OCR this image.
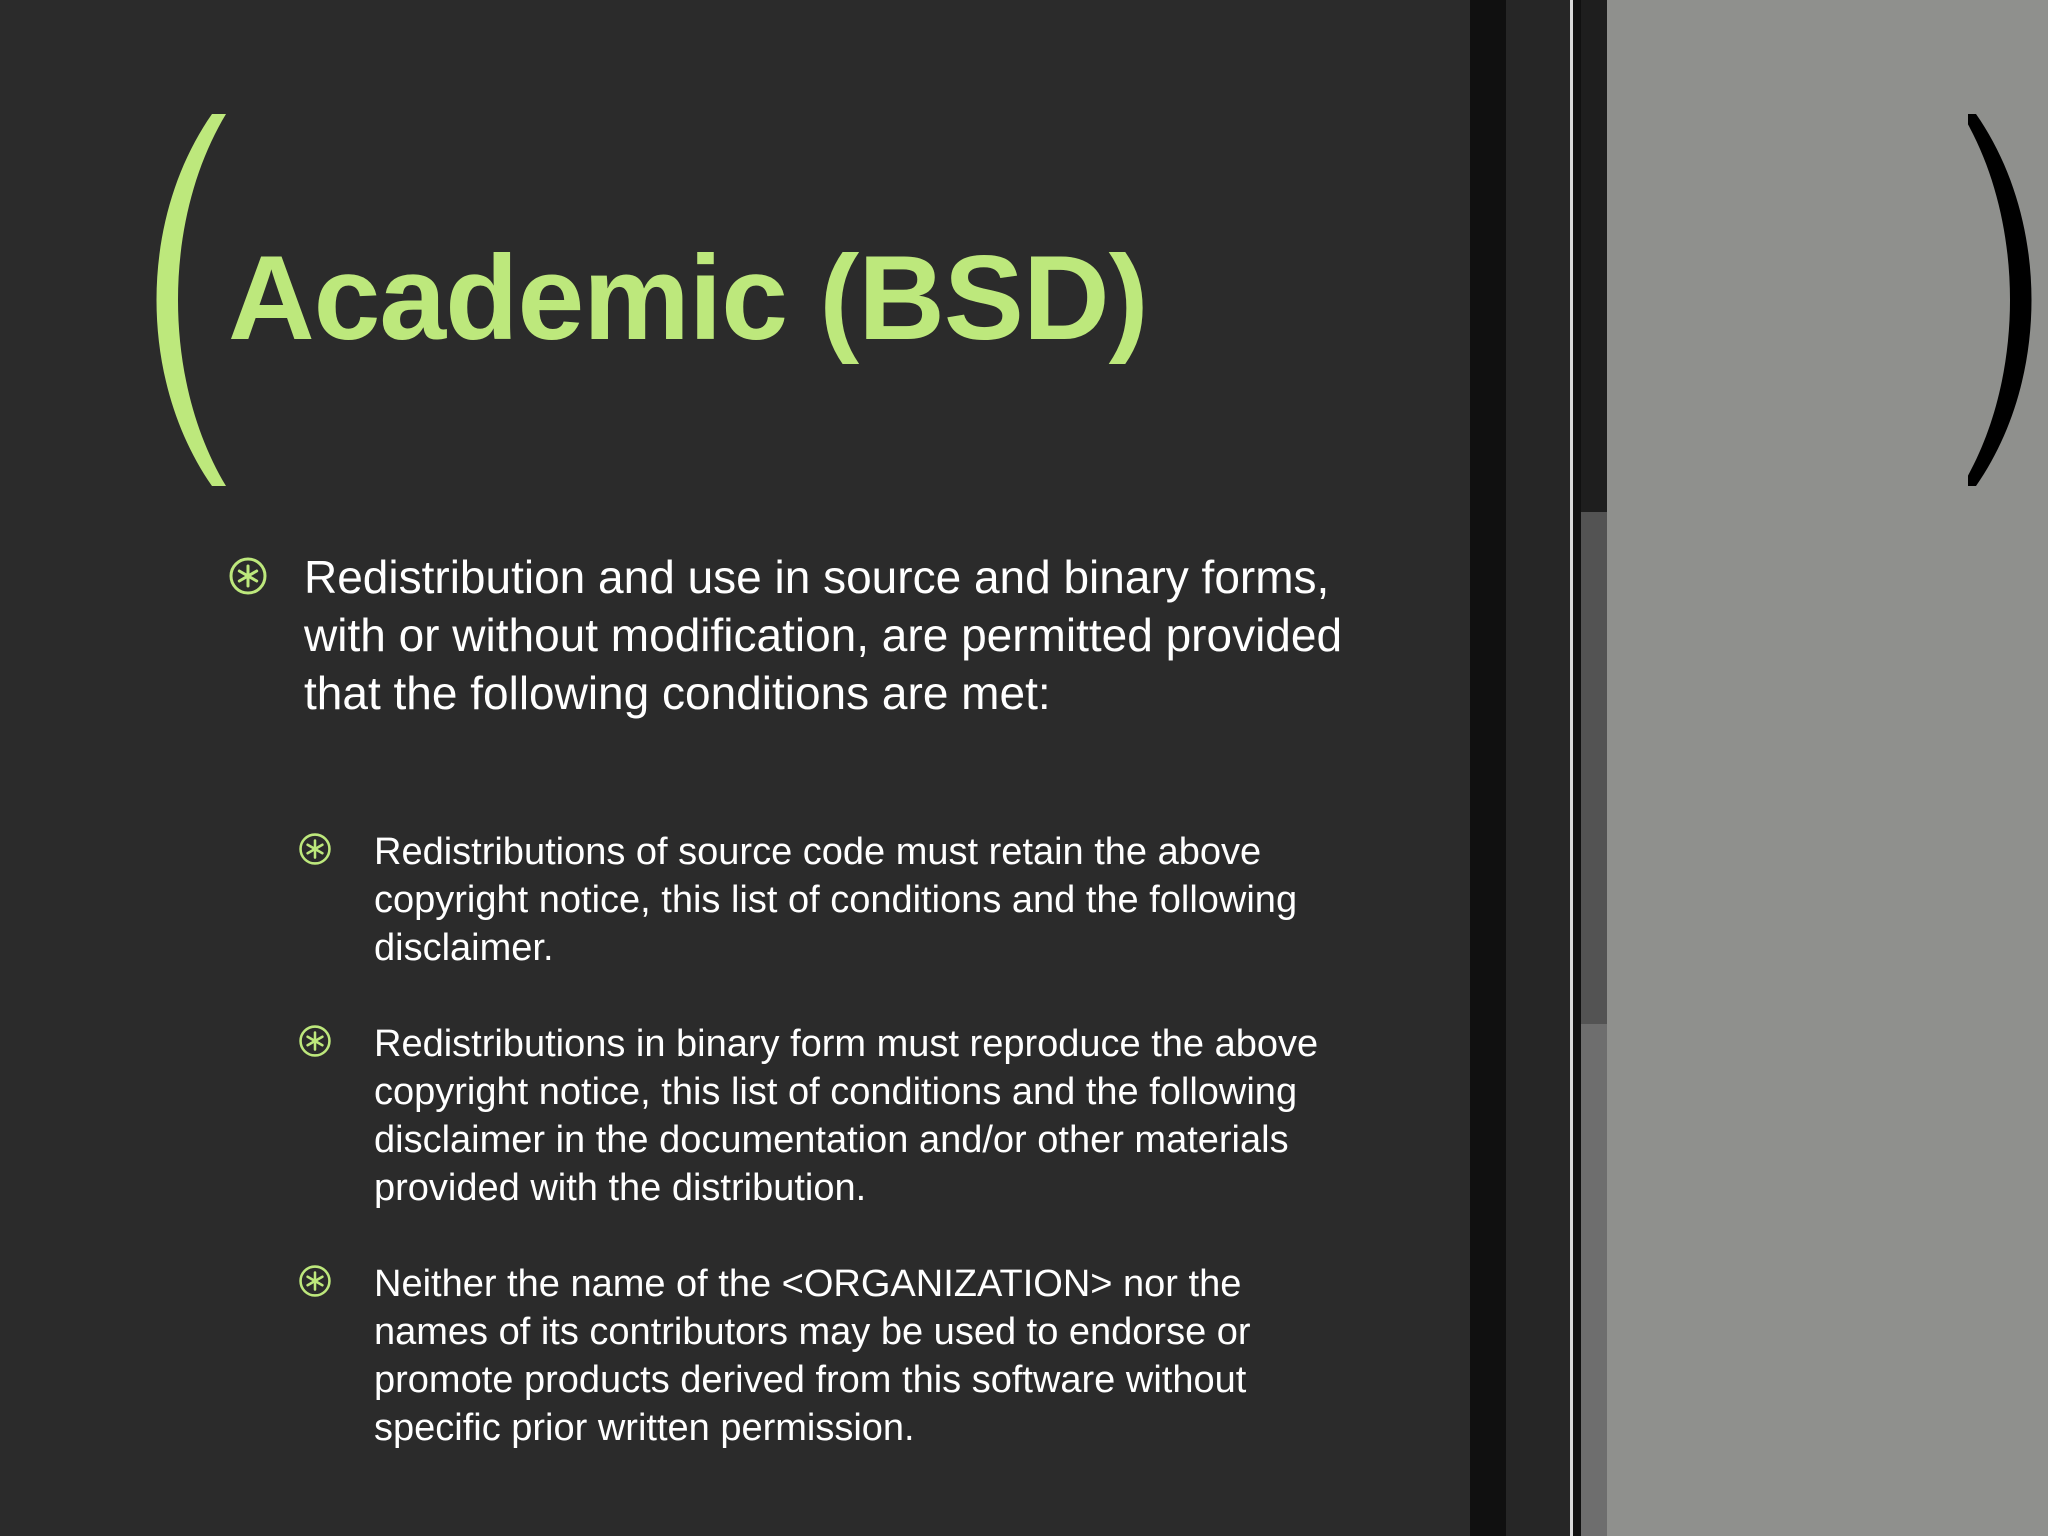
Academic (BSD)
Redistribution and use in source and binary forms, with or without modification, are permitted provided that the following conditions are met:
Redistributions of source code must retain the above copyright notice, this list of conditions and the following disclaimer.
Redistributions in binary form must reproduce the above copyright notice, this list of conditions and the following disclaimer in the documentation and/or other materials provided with the distribution.
Neither the name of the <ORGANIZATION> nor the names of its contributors may be used to endorse or promote products derived from this software without specific prior written permission.
